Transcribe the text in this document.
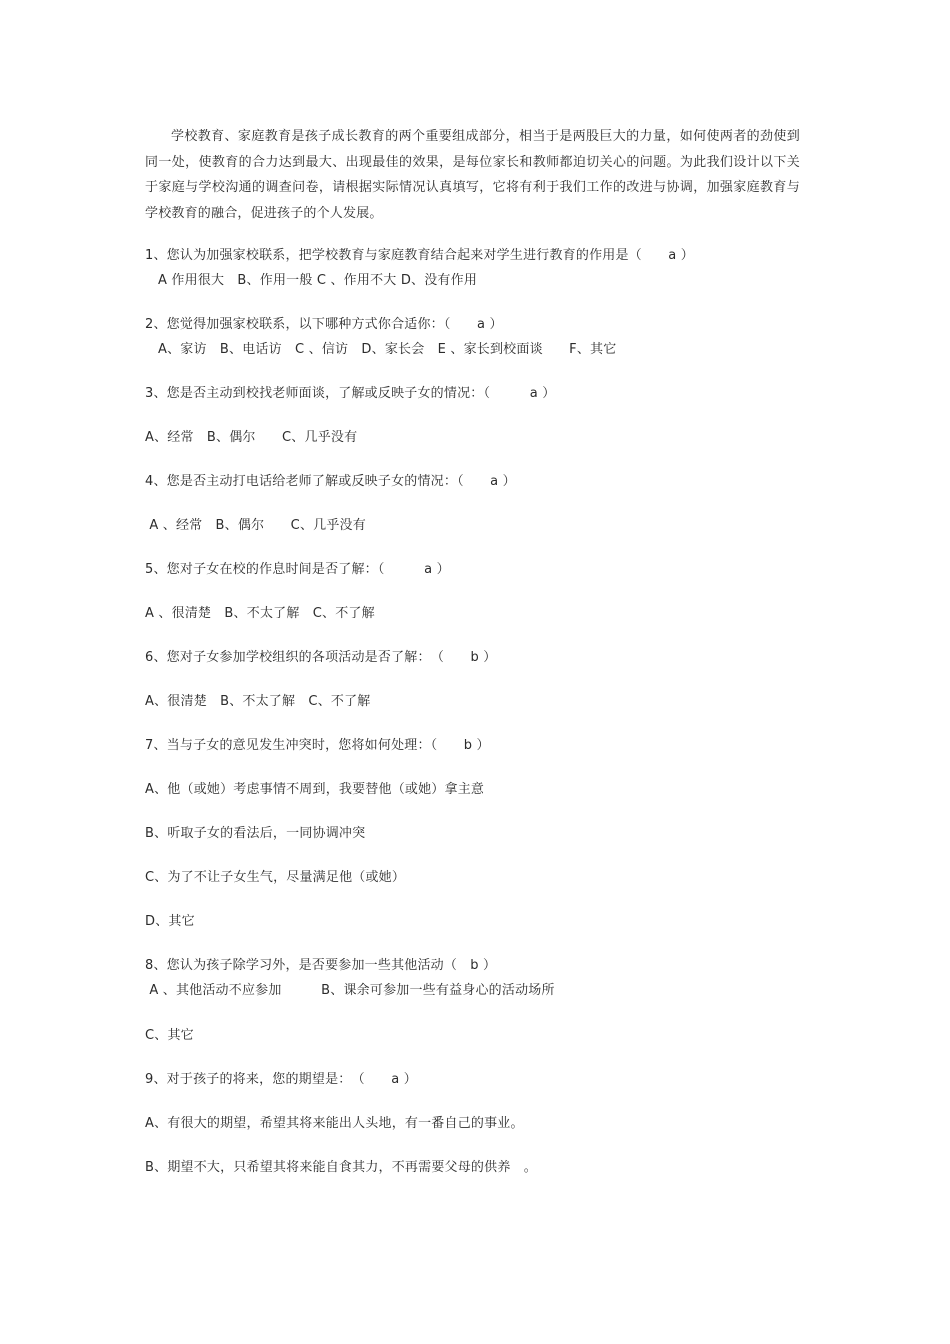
学校教育、家庭教育是孩子成长教育的两个重要组成部分，相当于是两股巨大的力量，如何使两者的劲使到同一处，使教育的合力达到最大、出现最佳的效果，是每位家长和教师都迫切关心的问题。为此我们设计以下关于家庭与学校沟通的调查问卷，请根据实际情况认真填写，它将有利于我们工作的改进与协调，加强家庭教育与学校教育的融合，促进孩子的个人发展。

1、您认为加强家校联系，把学校教育与家庭教育结合起来对学生进行教育的作用是（　　a ）
A 作用很大　B、作用一般 C 、作用不大 D、没有作用
2、您觉得加强家校联系，以下哪种方式你合适你：（　　a ）
A、家访　B、电话访　C 、信访　D、家长会　E 、家长到校面谈　　F、其它
3、您是否主动到校找老师面谈，了解或反映子女的情况：（　　　a ）
A、经常　B、偶尔　　C、几乎没有
4、您是否主动打电话给老师了解或反映子女的情况：（　　a ）
A 、经常　B、偶尔　　C、几乎没有
5、您对子女在校的作息时间是否了解：（　　　a ）
A 、很清楚　B、不太了解　C、不了解
6、您对子女参加学校组织的各项活动是否了解：　（　　b ）
A、很清楚　B、不太了解　C、不了解
7、当与子女的意见发生冲突时，您将如何处理：（　　b ）
A、他（或她）考虑事情不周到，我要替他（或她）拿主意
B、听取子女的看法后，一同协调冲突
C、为了不让子女生气，尽量满足他（或她）
D、其它
8、您认为孩子除学习外，是否要参加一些其他活动（　b ）
A 、其他活动不应参加　　　B、课余可参加一些有益身心的活动场所
C、其它
9、对于孩子的将来，您的期望是：　（　　a ）
A、有很大的期望，希望其将来能出人头地，有一番自己的事业。
B、期望不大，只希望其将来能自食其力，不再需要父母的供养　。
